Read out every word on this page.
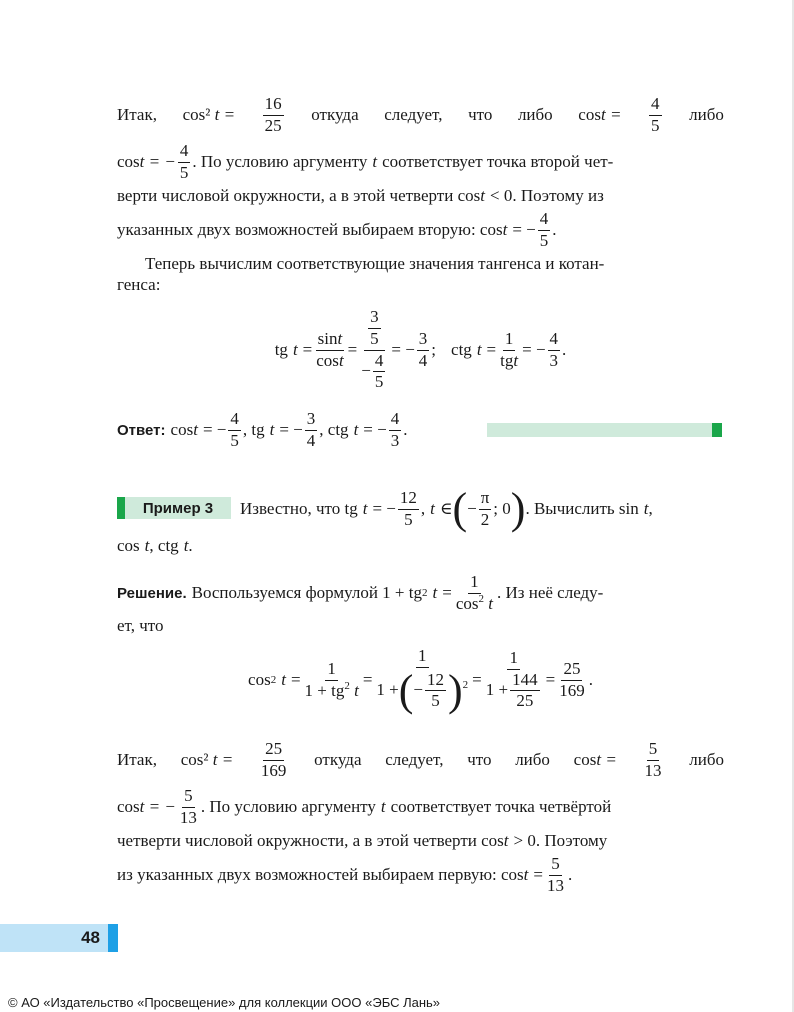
Итак, cos² $t = \frac{16}{25}$ откуда следует, что либо $\cos t = \frac{4}{5}$ либо
cos t = − $\frac{4}{5}$ . По условию аргументу t соответствует точка второй чет-
верти числовой окружности, а в этой четверти cos t < 0. Поэтому из
указанных двух возможностей выбираем вторую: cos t = − $\frac{4}{5}$ .
Теперь вычислим соответствующие значения тангенса и котан-
генса:
tg $t = \frac{\sin t}{\cos t} = \frac{\frac{3}{5}}{- \frac{4}{5}}$ = − $\frac{3}{4}$ ; ctg $t = \frac{1}{\text{tgt}}$ = − $\frac{4}{3}$ .
Ответ: cos t = − $\frac{4}{5}$ , tg t = − $\frac{3}{4}$ , ctg t = − $\frac{4}{3}$ .
Пример 3 Известно, что tg t = − $\frac{12}{5}$ , t ∈ ( − $\frac{\pi}{2}$ ; 0 ) . Вычислить sin t ,
cos t , ctg t .
Решение. Воспользуемся формулой 1 + tg 2 $t = \frac{1}{\cos^2 t}$ . Из неё следу-
ет, что
cos 2 $t = \frac{1}{1 + tg^2 t} = \frac{1}{1 +(- \frac{12}{5} )^2} = \frac{1}{1 + \frac{144}{25}} = \frac{25}{169}$ .
Итак, cos² $t = \frac{25}{169}$ откуда следует, что либо $\cos t = \frac{5}{13}$ либо
cos t = − $\frac{5}{13}$ . По условию аргументу t соответствует точка четвёртой
четверти числовой окружности, а в этой четверти cos t > 0. Поэтому
из указанных двух возможностей выбираем первую: $\cos t = \frac{5}{13}$ .
48
© АО «Издательство «Просвещение» для коллекции ООО «ЭБС Лань»
